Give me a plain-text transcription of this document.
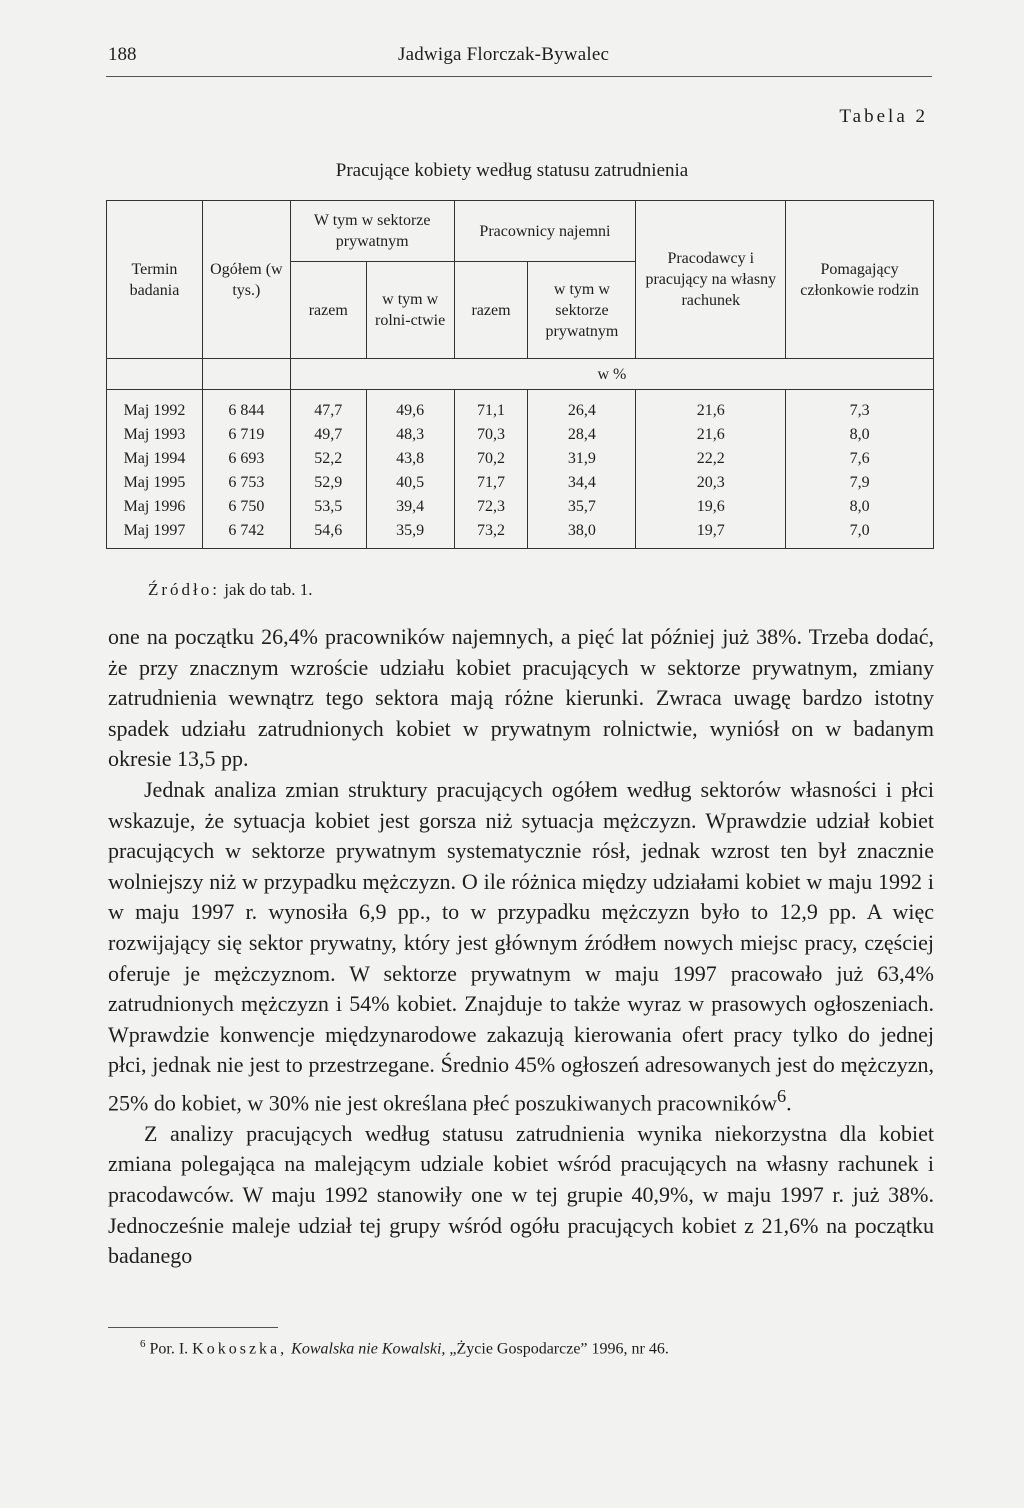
188	Jadwiga Florczak-Bywalec
Tabela 2
Pracujące kobiety według statusu zatrudnienia
Termin badania	Ogółem (w tys.)	W tym w sektorze prywatnym		Pracownicy najemni		Pracodawcy i pracujący na własny rachunek	Pomagający członkowie rodzin
		razem	w tym w rolni-ctwie	razem	w tym w sektorze prywatnym		
		w %					
Maj 1992	6 844	47,7	49,6	71,1	26,4	21,6	7,3
Maj 1993	6 719	49,7	48,3	70,3	28,4	21,6	8,0
Maj 1994	6 693	52,2	43,8	70,2	31,9	22,2	7,6
Maj 1995	6 753	52,9	40,5	71,7	34,4	20,3	7,9
Maj 1996	6 750	53,5	39,4	72,3	35,7	19,6	8,0
Maj 1997	6 742	54,6	35,9	73,2	38,0	19,7	7,0
Źródło: jak do tab. 1.

one na początku 26,4% pracowników najemnych, a pięć lat później już 38%. Trzeba dodać, że przy znacznym wzroście udziału kobiet pracujących w sektorze prywatnym, zmiany zatrudnienia wewnątrz tego sektora mają różne kierunki. Zwraca uwagę bardzo istotny spadek udziału zatrudnionych kobiet w prywatnym rolnictwie, wyniósł on w badanym okresie 13,5 pp.

Jednak analiza zmian struktury pracujących ogółem według sektorów własności i płci wskazuje, że sytuacja kobiet jest gorsza niż sytuacja mężczyzn. Wprawdzie udział kobiet pracujących w sektorze prywatnym systematycznie rósł, jednak wzrost ten był znacznie wolniejszy niż w przypadku mężczyzn. O ile różnica między udziałami kobiet w maju 1992 i w maju 1997 r. wynosiła 6,9 pp., to w przypadku mężczyzn było to 12,9 pp. A więc rozwijający się sektor prywatny, który jest głównym źródłem nowych miejsc pracy, częściej oferuje je mężczyznom. W sektorze prywatnym w maju 1997 pracowało już 63,4% zatrudnionych mężczyzn i 54% kobiet. Znajduje to także wyraz w prasowych ogłoszeniach. Wprawdzie konwencje międzynarodowe zakazują kierowania ofert pracy tylko do jednej płci, jednak nie jest to przestrzegane. Średnio 45% ogłoszeń adresowanych jest do mężczyzn, 25% do kobiet, w 30% nie jest określana płeć poszukiwanych pracowników$^6$.

Z analizy pracujących według statusu zatrudnienia wynika niekorzystna dla kobiet zmiana polegająca na malejącym udziale kobiet wśród pracujących na własny rachunek i pracodawców. W maju 1992 stanowiły one w tej grupie 40,9%, w maju 1997 r. już 38%. Jednocześnie maleje udział tej grupy wśród ogółu pracujących kobiet z 21,6% na początku badanego

$^6$ Por. I. Kokoszka, Kowalska nie Kowalski, „Życie Gospodarcze” 1996, nr 46.
